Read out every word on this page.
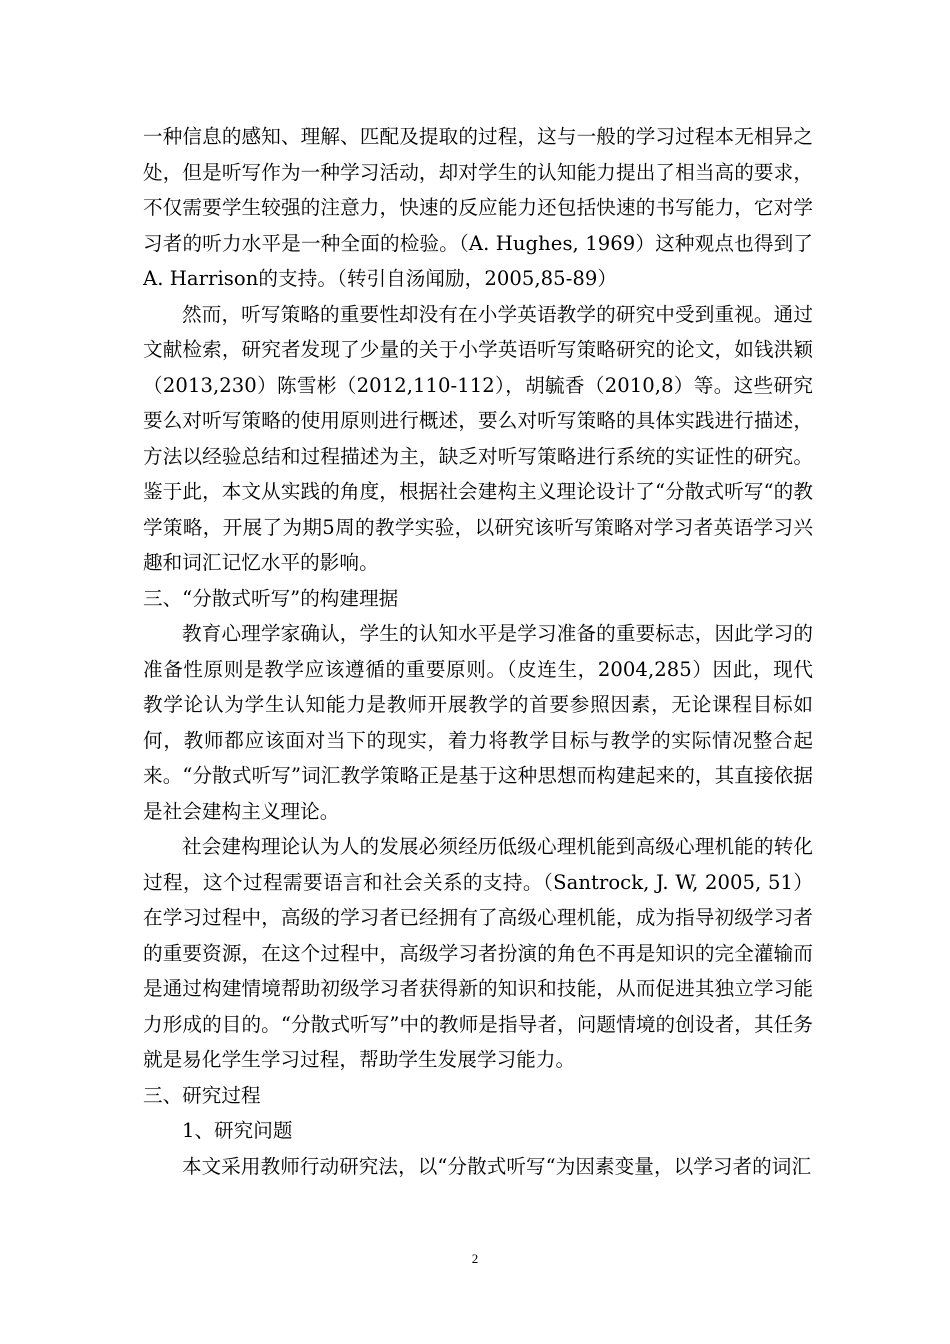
一种信息的感知、理解、匹配及提取的过程，这与一般的学习过程本无相异之处，但是听写作为一种学习活动，却对学生的认知能力提出了相当高的要求，不仅需要学生较强的注意力，快速的反应能力还包括快速的书写能力，它对学习者的听力水平是一种全面的检验。（A. Hughes, 1969）这种观点也得到了A. Harrison的支持。（转引自汤闻励，2005,85-89）

然而，听写策略的重要性却没有在小学英语教学的研究中受到重视。通过文献检索，研究者发现了少量的关于小学英语听写策略研究的论文，如钱洪颖（2013,230）陈雪彬（2012,110-112），胡毓香（2010,8）等。这些研究要么对听写策略的使用原则进行概述，要么对听写策略的具体实践进行描述，方法以经验总结和过程描述为主，缺乏对听写策略进行系统的实证性的研究。鉴于此，本文从实践的角度，根据社会建构主义理论设计了“分散式听写“的教学策略，开展了为期5周的教学实验，以研究该听写策略对学习者英语学习兴趣和词汇记忆水平的影响。

三、“分散式听写”的构建理据

教育心理学家确认，学生的认知水平是学习准备的重要标志，因此学习的准备性原则是教学应该遵循的重要原则。（皮连生，2004,285）因此，现代教学论认为学生认知能力是教师开展教学的首要参照因素，无论课程目标如何，教师都应该面对当下的现实，着力将教学目标与教学的实际情况整合起来。“分散式听写”词汇教学策略正是基于这种思想而构建起来的，其直接依据是社会建构主义理论。

社会建构理论认为人的发展必须经历低级心理机能到高级心理机能的转化过程，这个过程需要语言和社会关系的支持。（Santrock, J. W, 2005, 51）在学习过程中，高级的学习者已经拥有了高级心理机能，成为指导初级学习者的重要资源，在这个过程中，高级学习者扮演的角色不再是知识的完全灌输而是通过构建情境帮助初级学习者获得新的知识和技能，从而促进其独立学习能力形成的目的。“分散式听写”中的教师是指导者，问题情境的创设者，其任务就是易化学生学习过程，帮助学生发展学习能力。

三、研究过程

1、研究问题

本文采用教师行动研究法，以“分散式听写“为因素变量，以学习者的词汇

2
